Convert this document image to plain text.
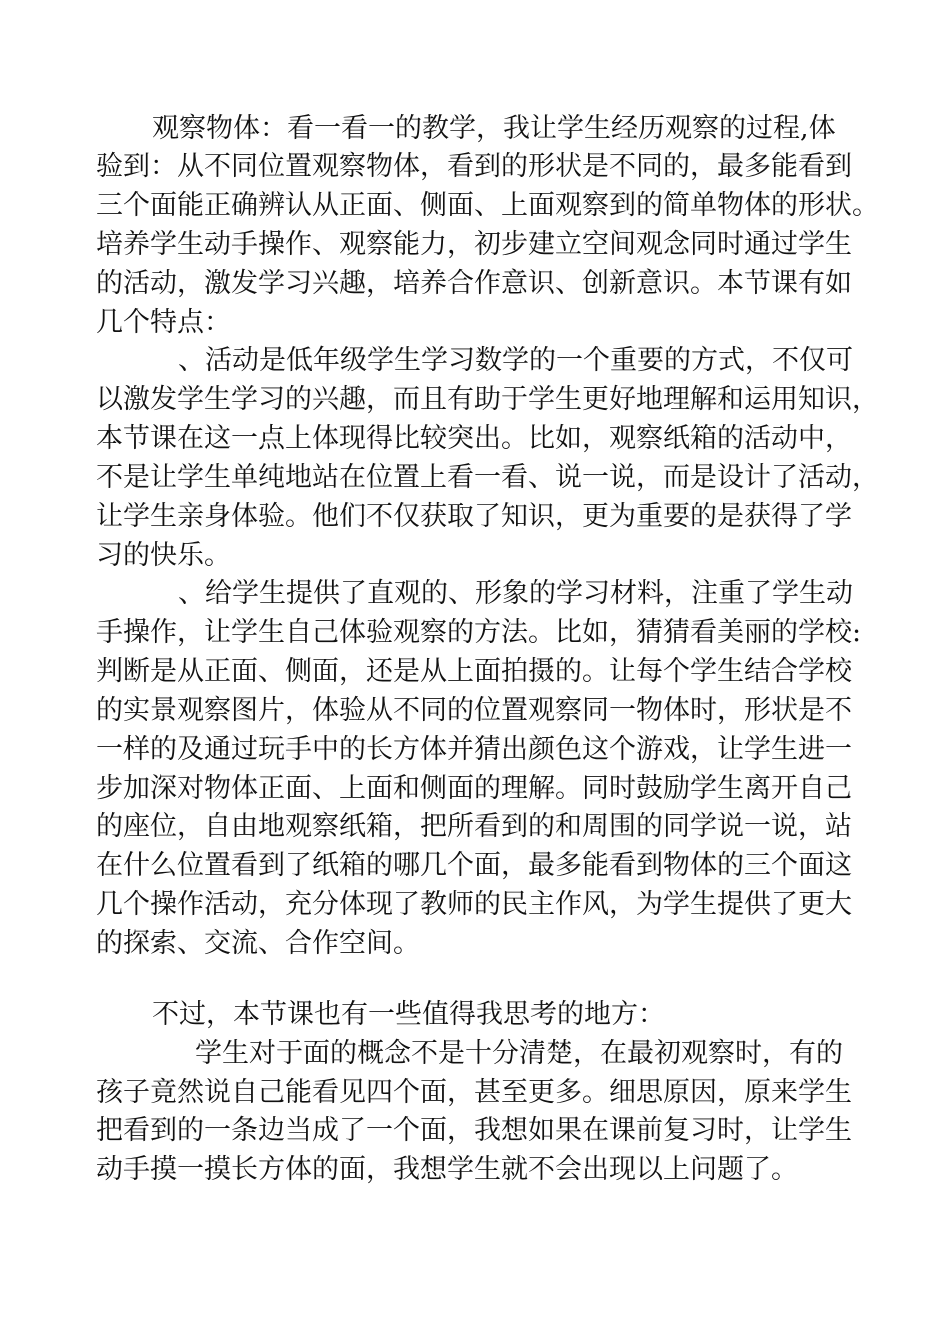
观察物体：看一看一的教学，我让学生经历观察的过程,体
验到：从不同位置观察物体，看到的形状是不同的，最多能看到
三个面能正确辨认从正面、侧面、上面观察到的简单物体的形状。
培养学生动手操作、观察能力，初步建立空间观念同时通过学生
的活动，激发学习兴趣，培养合作意识、创新意识。本节课有如
几个特点：
、活动是低年级学生学习数学的一个重要的方式，不仅可
以激发学生学习的兴趣，而且有助于学生更好地理解和运用知识，
本节课在这一点上体现得比较突出。比如，观察纸箱的活动中，
不是让学生单纯地站在位置上看一看、说一说，而是设计了活动，
让学生亲身体验。他们不仅获取了知识，更为重要的是获得了学
习的快乐。
、给学生提供了直观的、形象的学习材料，注重了学生动
手操作，让学生自己体验观察的方法。比如，猜猜看美丽的学校:
判断是从正面、侧面，还是从上面拍摄的。让每个学生结合学校
的实景观察图片，体验从不同的位置观察同一物体时，形状是不
一样的及通过玩手中的长方体并猜出颜色这个游戏，让学生进一
步加深对物体正面、上面和侧面的理解。同时鼓励学生离开自己
的座位，自由地观察纸箱，把所看到的和周围的同学说一说，站
在什么位置看到了纸箱的哪几个面，最多能看到物体的三个面这
几个操作活动，充分体现了教师的民主作风，为学生提供了更大
的探索、交流、合作空间。
不过，本节课也有一些值得我思考的地方：
学生对于面的概念不是十分清楚，在最初观察时，有的
孩子竟然说自己能看见四个面，甚至更多。细思原因，原来学生
把看到的一条边当成了一个面，我想如果在课前复习时，让学生
动手摸一摸长方体的面，我想学生就不会出现以上问题了。
